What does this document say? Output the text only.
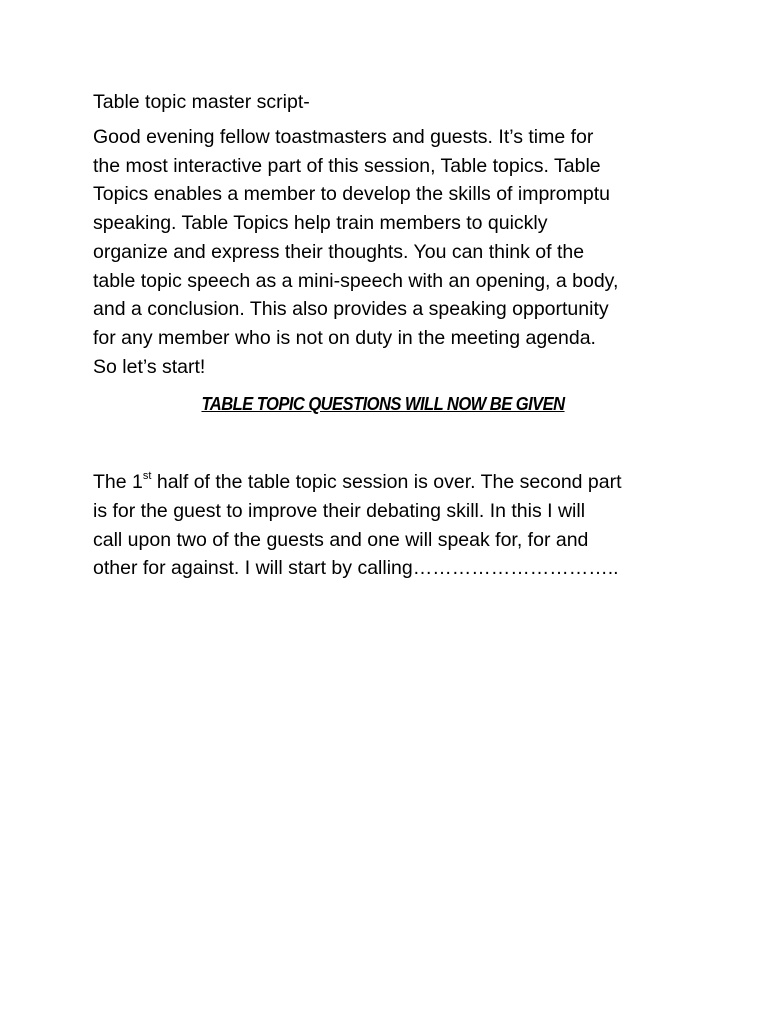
Table topic master script-
Good evening fellow toastmasters and guests. It’s time for
the most interactive part of this session, Table topics. Table
Topics enables a member to develop the skills of impromptu
speaking. Table Topics help train members to quickly
organize and express their thoughts. You can think of the
table topic speech as a mini-speech with an opening, a body,
and a conclusion. This also provides a speaking opportunity
for any member who is not on duty in the meeting agenda.
So let’s start!
TABLE TOPIC QUESTIONS WILL NOW BE GIVEN
The 1st half of the table topic session is over. The second part
is for the guest to improve their debating skill. In this I will
call upon two of the guests and one will speak for, for and
other for against. I will start by calling…………………………..
